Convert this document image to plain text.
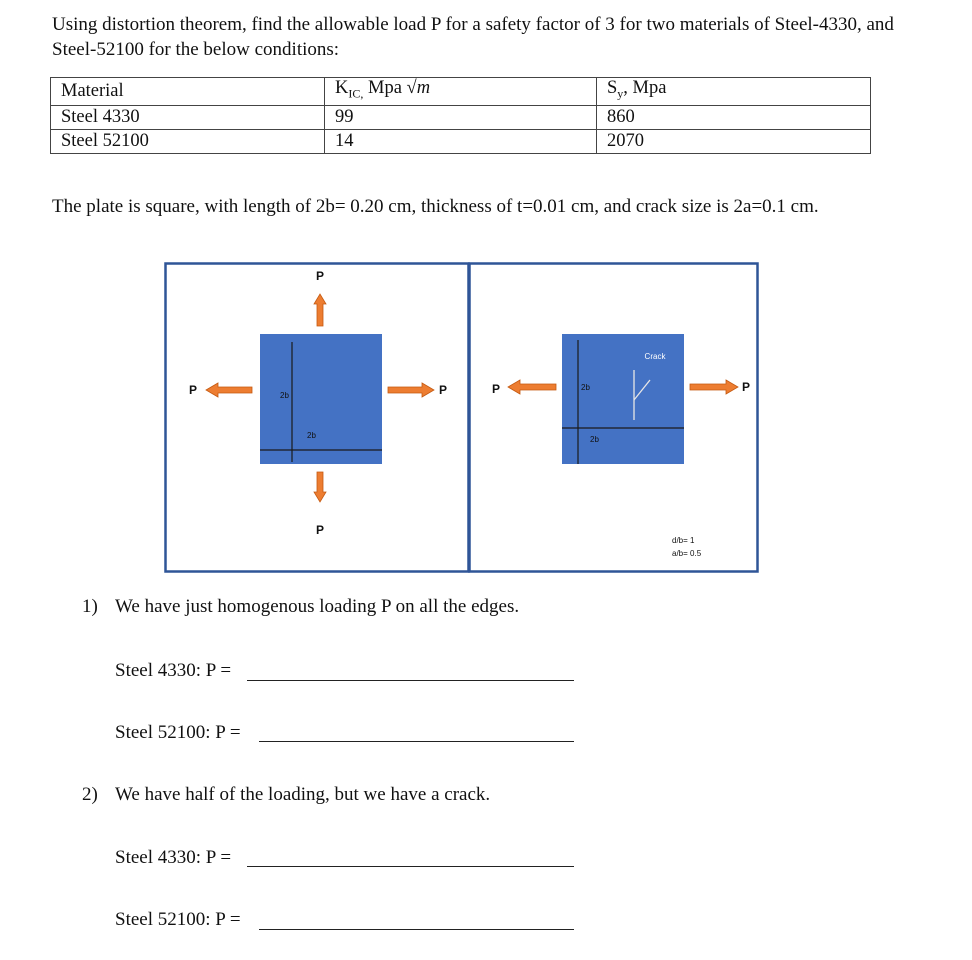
Using distortion theorem, find the allowable load P for a safety factor of 3 for two materials of Steel-4330, and Steel-52100 for the below conditions:
Material	$K_{IC,}$ Mpa √m	$S_y$, Mpa
Steel 4330	99	860
Steel 52100	14	2070
The plate is square, with length of 2b= 0.20 cm, thickness of t=0.01 cm, and crack size is 2a=0.1 cm.
2b
2b
P
P
P	P	2b
2b
Crack
P	P
d/b= 1
a/b= 0.5
1) We have just homogenous loading P on all the edges.
Steel 4330: P =
Steel 52100: P =
2) We have half of the loading, but we have a crack.
Steel 4330: P =
Steel 52100: P =
